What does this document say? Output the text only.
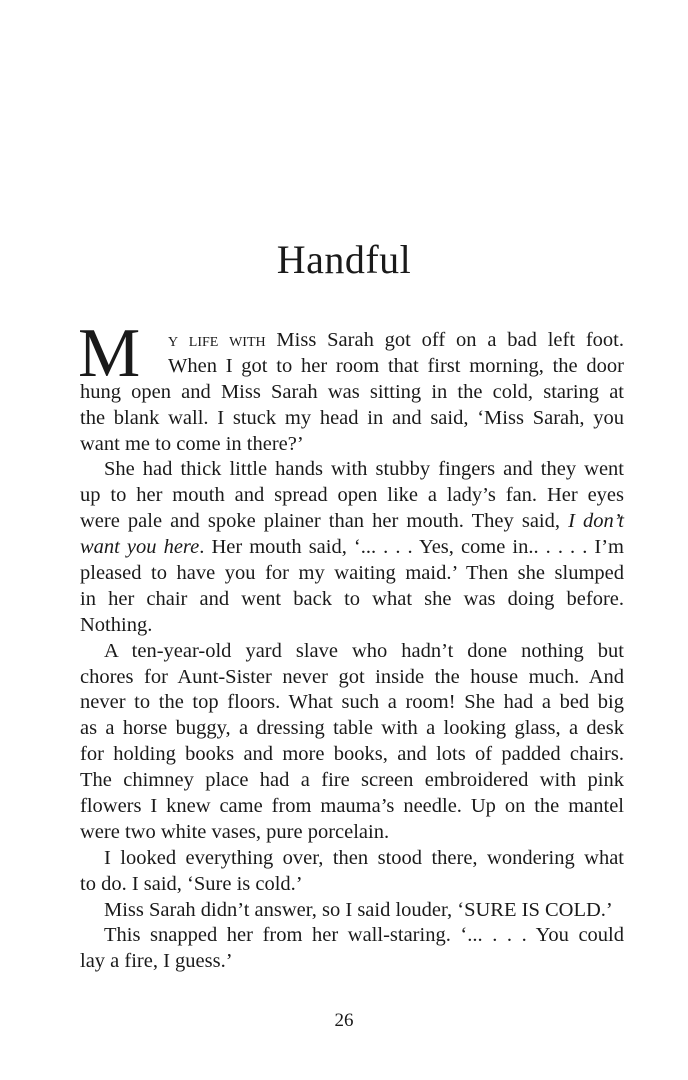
Handful
M	y life with Miss Sarah got off on a bad left foot.
When I got to her room that first morning, the door
hung open and Miss Sarah was sitting in the cold, staring at
the blank wall. I stuck my head in and said, ‘Miss Sarah, you
want me to come in there?’
She had thick little hands with stubby fingers and they went
up to her mouth and spread open like a lady’s fan. Her eyes
were pale and spoke plainer than her mouth. They said, I don’t
want you here. Her mouth said, ‘... . . . Yes, come in.. . . . . I’m
pleased to have you for my waiting maid.’ Then she slumped
in her chair and went back to what she was doing before.
Nothing.
A ten-year-old yard slave who hadn’t done nothing but
chores for Aunt-Sister never got inside the house much. And
never to the top floors. What such a room! She had a bed big
as a horse buggy, a dressing table with a looking glass, a desk
for holding books and more books, and lots of padded chairs.
The chimney place had a fire screen embroidered with pink
flowers I knew came from mauma’s needle. Up on the mantel
were two white vases, pure porcelain.
I looked everything over, then stood there, wondering what
to do. I said, ‘Sure is cold.’
Miss Sarah didn’t answer, so I said louder, ‘SURE IS COLD.’
This snapped her from her wall-staring. ‘... . . . You could
lay a fire, I guess.’
26
